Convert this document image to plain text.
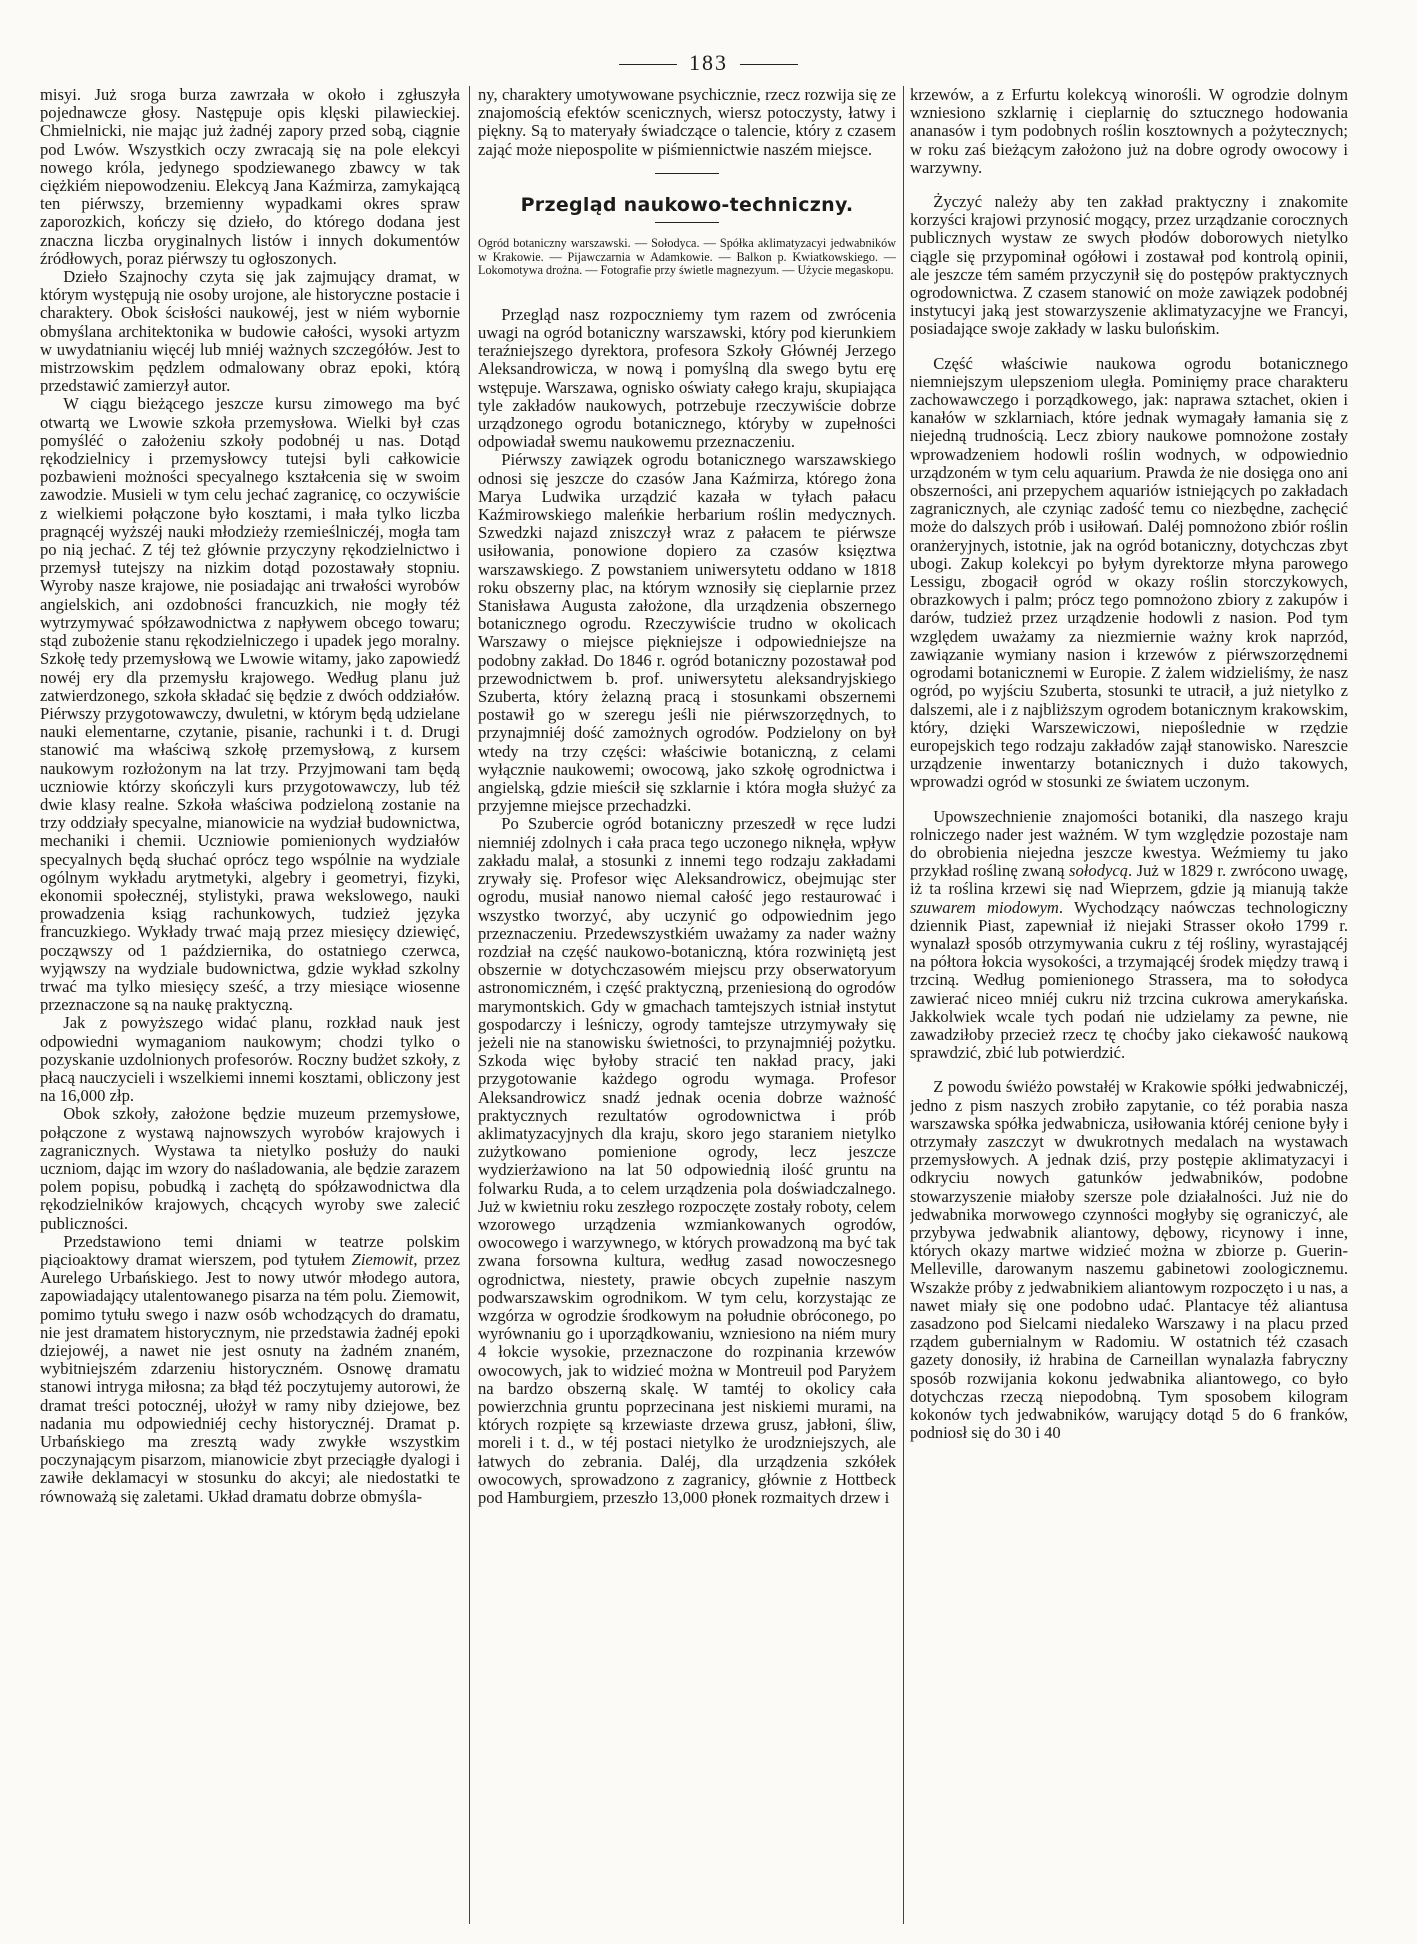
183

misyi. Już sroga burza zawrzała w około i zgłuszyła pojednawcze głosy. Następuje opis klęski pilawieckiej. Chmielnicki, nie mając już żadnéj zapory przed sobą, ciągnie pod Lwów. Wszystkich oczy zwracają się na pole elekcyi nowego króla, jedynego spodziewanego zbawcy w tak ciężkiém niepowodzeniu. Elekcyą Jana Kaźmirza, zamykającą ten piérwszy, brzemienny wypadkami okres spraw zaporozkich, kończy się dzieło, do którego dodana jest znaczna liczba oryginalnych listów i innych dokumentów źródłowych, poraz piérwszy tu ogłoszonych.

Dzieło Szajnochy czyta się jak zajmujący dramat, w którym występują nie osoby urojone, ale historyczne postacie i charaktery. Obok ścisłości naukowéj, jest w niém wybornie obmyślana architektonika w budowie całości, wysoki artyzm w uwydatnianiu więcéj lub mniéj ważnych szczegółów. Jest to mistrzowskim pędzlem odmalowany obraz epoki, którą przedstawić zamierzył autor.

W ciągu bieżącego jeszcze kursu zimowego ma być otwartą we Lwowie szkoła przemysłowa. Wielki był czas pomyśléć o założeniu szkoły podobnéj u nas. Dotąd rękodzielnicy i przemysłowcy tutejsi byli całkowicie pozbawieni możności specyalnego kształcenia się w swoim zawodzie. Musieli w tym celu jechać zagranicę, co oczywiście z wielkiemi połączone było kosztami, i mała tylko liczba pragnącéj wyższéj nauki młodzieży rzemieślniczéj, mogła tam po nią jechać. Z téj też głównie przyczyny rękodzielnictwo i przemysł tutejszy na nizkim dotąd pozostawały stopniu. Wyroby nasze krajowe, nie posiadając ani trwałości wyrobów angielskich, ani ozdobności francuzkich, nie mogły téż wytrzymywać spółzawodnictwa z napływem obcego towaru; stąd zubożenie stanu rękodzielniczego i upadek jego moralny. Szkołę tedy przemysłową we Lwowie witamy, jako zapowiedź nowéj ery dla przemysłu krajowego. Według planu już zatwierdzonego, szkoła składać się będzie z dwóch oddziałów. Piérwszy przygotowawczy, dwuletni, w którym będą udzielane nauki elementarne, czytanie, pisanie, rachunki i t. d. Drugi stanowić ma właściwą szkołę przemysłową, z kursem naukowym rozłożonym na lat trzy. Przyjmowani tam będą uczniowie którzy skończyli kurs przygotowawczy, lub téż dwie klasy realne. Szkoła właściwa podzieloną zostanie na trzy oddziały specyalne, mianowicie na wydział budownictwa, mechaniki i chemii. Uczniowie pomienionych wydziałów specyalnych będą słuchać oprócz tego wspólnie na wydziale ogólnym wykładu arytmetyki, algebry i geometryi, fizyki, ekonomii społecznéj, stylistyki, prawa wekslowego, nauki prowadzenia ksiąg rachunkowych, tudzież języka francuzkiego. Wykłady trwać mają przez miesięcy dziewięć, począwszy od 1 października, do ostatniego czerwca, wyjąwszy na wydziale budownictwa, gdzie wykład szkolny trwać ma tylko miesięcy sześć, a trzy miesiące wiosenne przeznaczone są na naukę praktyczną.

Jak z powyższego widać planu, rozkład nauk jest odpowiedni wymaganiom naukowym; chodzi tylko o pozyskanie uzdolnionych profesorów. Roczny budżet szkoły, z płacą nauczycieli i wszelkiemi innemi kosztami, obliczony jest na 16,000 złp.

Obok szkoły, założone będzie muzeum przemysłowe, połączone z wystawą najnowszych wyrobów krajowych i zagranicznych. Wystawa ta nietylko posłuży do nauki uczniom, dając im wzory do naśladowania, ale będzie zarazem polem popisu, pobudką i zachętą do spółzawodnictwa dla rękodzielników krajowych, chcących wyroby swe zalecić publiczności.

Przedstawiono temi dniami w teatrze polskim piącioaktowy dramat wierszem, pod tytułem Ziemowit, przez Aurelego Urbańskiego. Jest to nowy utwór młodego autora, zapowiadający utalentowanego pisarza na tém polu. Ziemowit, pomimo tytułu swego i nazw osób wchodzących do dramatu, nie jest dramatem historycznym, nie przedstawia żadnéj epoki dziejowéj, a nawet nie jest osnuty na żadném znaném, wybitniejszém zdarzeniu historyczném. Osnowę dramatu stanowi intryga miłosna; za błąd téż poczytujemy autorowi, że dramat treści potocznéj, ułożył w ramy niby dziejowe, bez nadania mu odpowiedniéj cechy historycznéj. Dramat p. Urbańskiego ma zresztą wady zwykłe wszystkim poczynającym pisarzom, mianowicie zbyt przeciągłe dyalogi i zawiłe deklamacyi w stosunku do akcyi; ale niedostatki te równoważą się zaletami. Układ dramatu dobrze obmyśla-

ny, charaktery umotywowane psychicznie, rzecz rozwija się ze znajomością efektów scenicznych, wiersz potoczysty, łatwy i piękny. Są to materyały świadczące o talencie, który z czasem zająć może niepospolite w piśmiennictwie naszém miejsce.

Przegląd naukowo-techniczny.

Ogród botaniczny warszawski. — Sołodyca. — Spółka aklimatyzacyi jedwabników w Krakowie. — Pijawczarnia w Adamkowie. — Balkon p. Kwiatkowskiego. — Lokomotywa drożna. — Fotografie przy świetle magnezyum. — Użycie megaskopu.

Przegląd nasz rozpoczniemy tym razem od zwrócenia uwagi na ogród botaniczny warszawski, który pod kierunkiem teraźniejszego dyrektora, profesora Szkoły Głównéj Jerzego Aleksandrowicza, w nową i pomyślną dla swego bytu erę wstępuje. Warszawa, ognisko oświaty całego kraju, skupiająca tyle zakładów naukowych, potrzebuje rzeczywiście dobrze urządzonego ogrodu botanicznego, któryby w zupełności odpowiadał swemu naukowemu przeznaczeniu.

Piérwszy zawiązek ogrodu botanicznego warszawskiego odnosi się jeszcze do czasów Jana Kaźmirza, którego żona Marya Ludwika urządzić kazała w tyłach pałacu Kaźmirowskiego maleńkie herbarium roślin medycznych. Szwedzki najazd zniszczył wraz z pałacem te piérwsze usiłowania, ponowione dopiero za czasów księztwa warszawskiego. Z powstaniem uniwersytetu oddano w 1818 roku obszerny plac, na którym wznosiły się cieplarnie przez Stanisława Augusta założone, dla urządzenia obszernego botanicznego ogrodu. Rzeczywiście trudno w okolicach Warszawy o miejsce piękniejsze i odpowiedniejsze na podobny zakład. Do 1846 r. ogród botaniczny pozostawał pod przewodnictwem b. prof. uniwersytetu aleksandryjskiego Szuberta, który żelazną pracą i stosunkami obszernemi postawił go w szeregu jeśli nie piérwszorzędnych, to przynajmniéj dość zamożnych ogrodów. Podzielony on był wtedy na trzy części: właściwie botaniczną, z celami wyłącznie naukowemi; owocową, jako szkołę ogrodnictwa i angielską, gdzie mieścił się szklarnie i która mogła służyć za przyjemne miejsce przechadzki.

Po Szubercie ogród botaniczny przeszedł w ręce ludzi niemniéj zdolnych i cała praca tego uczonego niknęła, wpływ zakładu malał, a stosunki z innemi tego rodzaju zakładami zrywały się. Profesor więc Aleksandrowicz, obejmując ster ogrodu, musiał nanowo niemal całość jego restaurować i wszystko tworzyć, aby uczynić go odpowiednim jego przeznaczeniu. Przedewszystkiém uważamy za nader ważny rozdział na część naukowo-botaniczną, która rozwiniętą jest obszernie w dotychczasowém miejscu przy obserwatoryum astronomiczném, i część praktyczną, przeniesioną do ogrodów marymontskich. Gdy w gmachach tamtejszych istniał instytut gospodarczy i leśniczy, ogrody tamtejsze utrzymywały się jeżeli nie na stanowisku świetności, to przynajmniéj pożytku. Szkoda więc byłoby stracić ten nakład pracy, jaki przygotowanie każdego ogrodu wymaga. Profesor Aleksandrowicz snadź jednak ocenia dobrze ważność praktycznych rezultatów ogrodownictwa i prób aklimatyzacyjnych dla kraju, skoro jego staraniem nietylko zużytkowano pomienione ogrody, lecz jeszcze wydzierżawiono na lat 50 odpowiednią ilość gruntu na folwarku Ruda, a to celem urządzenia pola doświadczalnego. Już w kwietniu roku zeszłego rozpoczęte zostały roboty, celem wzorowego urządzenia wzmiankowanych ogrodów, owocowego i warzywnego, w których prowadzoną ma być tak zwana forsowna kultura, według zasad nowoczesnego ogrodnictwa, niestety, prawie obcych zupełnie naszym podwarszawskim ogrodnikom. W tym celu, korzystając ze wzgórza w ogrodzie środkowym na południe obróconego, po wyrównaniu go i uporządkowaniu, wzniesiono na niém mury 4 łokcie wysokie, przeznaczone do rozpinania krzewów owocowych, jak to widzieć można w Montreuil pod Paryżem na bardzo obszerną skalę. W tamtéj to okolicy cała powierzchnia gruntu poprzecinana jest niskiemi murami, na których rozpięte są krzewiaste drzewa grusz, jabłoni, śliw, moreli i t. d., w téj postaci nietylko że urodzniejszych, ale łatwych do zebrania. Daléj, dla urządzenia szkółek owocowych, sprowadzono z zagranicy, głównie z Hottbeck pod Hamburgiem, przeszło 13,000 płonek rozmaitych drzew i

krzewów, a z Erfurtu kolekcyą winorośli. W ogrodzie dolnym wzniesiono szklarnię i cieplarnię do sztucznego hodowania ananasów i tym podobnych roślin kosztownych a pożytecznych; w roku zaś bieżącym założono już na dobre ogrody owocowy i warzywny.

Życzyć należy aby ten zakład praktyczny i znakomite korzyści krajowi przynosić mogący, przez urządzanie corocznych publicznych wystaw ze swych płodów doborowych nietylko ciągle się przypominał ogółowi i zostawał pod kontrolą opinii, ale jeszcze tém samém przyczynił się do postępów praktycznych ogrodownictwa. Z czasem stanowić on może zawiązek podobnéj instytucyi jaką jest stowarzyszenie aklimatyzacyjne we Francyi, posiadające swoje zakłady w lasku bulońskim.

Część właściwie naukowa ogrodu botanicznego niemniejszym ulepszeniom uległa. Pominięmy prace charakteru zachowawczego i porządkowego, jak: naprawa sztachet, okien i kanałów w szklarniach, które jednak wymagały łamania się z niejedną trudnością. Lecz zbiory naukowe pomnożone zostały wprowadzeniem hodowli roślin wodnych, w odpowiednio urządzoném w tym celu aquarium. Prawda że nie dosięga ono ani obszerności, ani przepychem aquariów istniejących po zakładach zagranicznych, ale czyniąc zadość temu co niezbędne, zachęcić może do dalszych prób i usiłowań. Daléj pomnożono zbiór roślin oranżeryjnych, istotnie, jak na ogród botaniczny, dotychczas zbyt ubogi. Zakup kolekcyi po byłym dyrektorze młyna parowego Lessigu, zbogacił ogród w okazy roślin storczykowych, obrazkowych i palm; prócz tego pomnożono zbiory z zakupów i darów, tudzież przez urządzenie hodowli z nasion. Pod tym względem uważamy za niezmiernie ważny krok naprzód, zawiązanie wymiany nasion i krzewów z piérwszorzędnemi ogrodami botanicznemi w Europie. Z żalem widzieliśmy, że nasz ogród, po wyjściu Szuberta, stosunki te utracił, a już nietylko z dalszemi, ale i z najbliższym ogrodem botanicznym krakowskim, który, dzięki Warszewiczowi, niepoślednie w rzędzie europejskich tego rodzaju zakładów zajął stanowisko. Nareszcie urządzenie inwentarzy botanicznych i dużo takowych, wprowadzi ogród w stosunki ze światem uczonym.

Upowszechnienie znajomości botaniki, dla naszego kraju rolniczego nader jest ważném. W tym względzie pozostaje nam do obrobienia niejedna jeszcze kwestya. Weźmiemy tu jako przykład roślinę zwaną sołodycą. Już w 1829 r. zwrócono uwagę, iż ta roślina krzewi się nad Wieprzem, gdzie ją mianują także szuwarem miodowym. Wychodzący naówczas technologiczny dziennik Piast, zapewniał iż niejaki Strasser około 1799 r. wynalazł sposób otrzymywania cukru z téj rośliny, wyrastającéj na półtora łokcia wysokości, a trzymającéj środek między trawą i trzciną. Według pomienionego Strassera, ma to sołodyca zawierać niceo mniéj cukru niż trzcina cukrowa amerykańska. Jakkolwiek wcale tych podań nie udzielamy za pewne, nie zawadziłoby przecież rzecz tę choćby jako ciekawość naukową sprawdzić, zbić lub potwierdzić.

Z powodu świéżo powstałéj w Krakowie spółki jedwabniczéj, jedno z pism naszych zrobiło zapytanie, co téż porabia nasza warszawska spółka jedwabnicza, usiłowania któréj cenione były i otrzymały zaszczyt w dwukrotnych medalach na wystawach przemysłowych. A jednak dziś, przy postępie aklimatyzacyi i odkryciu nowych gatunków jedwabników, podobne stowarzyszenie miałoby szersze pole działalności. Już nie do jedwabnika morwowego czynności mogłyby się ograniczyć, ale przybywa jedwabnik aliantowy, dębowy, ricynowy i inne, których okazy martwe widzieć można w zbiorze p. Guerin-Melleville, darowanym naszemu gabinetowi zoologicznemu. Wszakże próby z jedwabnikiem aliantowym rozpoczęto i u nas, a nawet miały się one podobno udać. Plantacye téż aliantusa zasadzono pod Sielcami niedaleko Warszawy i na placu przed rządem gubernialnym w Radomiu. W ostatnich téż czasach gazety donosiły, iż hrabina de Carneillan wynalazła fabryczny sposób rozwijania kokonu jedwabnika aliantowego, co było dotychczas rzeczą niepodobną. Tym sposobem kilogram kokonów tych jedwabników, warujący dotąd 5 do 6 franków, podniosł się do 30 i 40
